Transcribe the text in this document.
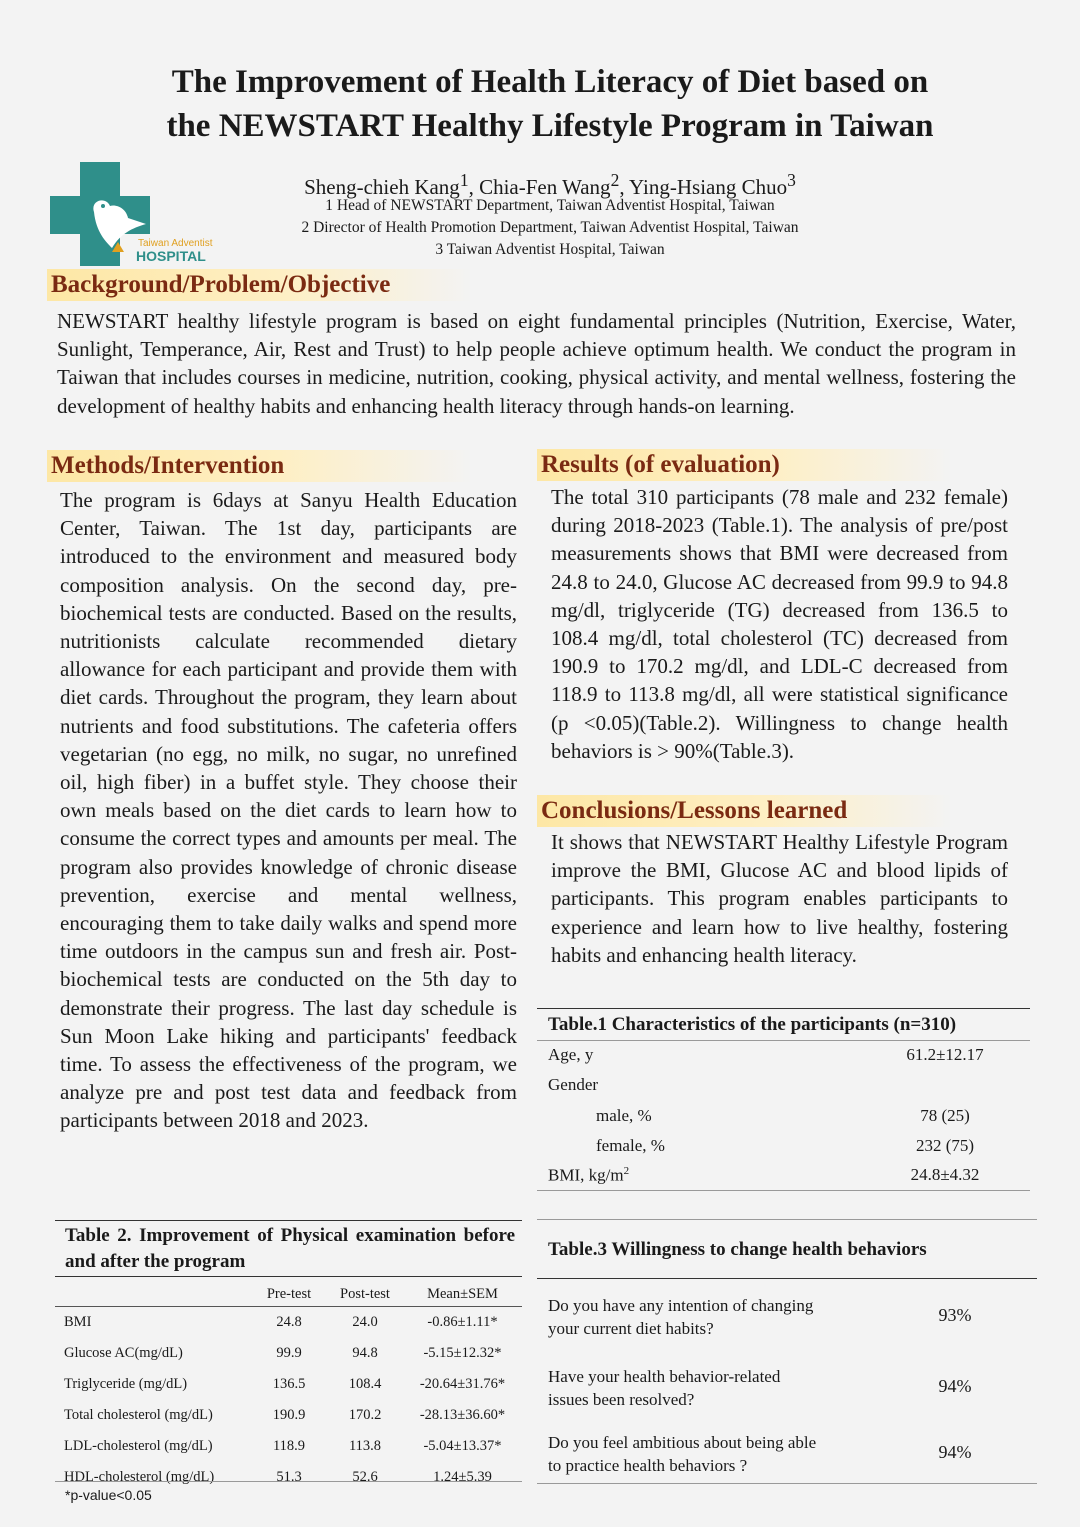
The Improvement of Health Literacy of Diet based on
the NEWSTART Healthy Lifestyle Program in Taiwan
Taiwan Adventist
HOSPITAL
Sheng-chieh Kang$^1$, Chia-Fen Wang$^2$, Ying-Hsiang Chuo$^3$
1 Head of NEWSTART Department, Taiwan Adventist Hospital, Taiwan
2 Director of Health Promotion Department, Taiwan Adventist Hospital, Taiwan
3 Taiwan Adventist Hospital, Taiwan
Background/Problem/Objective
NEWSTART healthy lifestyle program is based on eight fundamental principles (Nutrition, Exercise, Water, Sunlight, Temperance, Air, Rest and Trust) to help people achieve optimum health. We conduct the program in Taiwan that includes courses in medicine, nutrition, cooking, physical activity, and mental wellness, fostering the development of healthy habits and enhancing health literacy through hands-on learning.
Methods/Intervention
The program is 6days at Sanyu Health Education Center, Taiwan. The 1st day, participants are introduced to the environment and measured body composition analysis. On the second day, pre-biochemical tests are conducted. Based on the results, nutritionists calculate recommended dietary allowance for each participant and provide them with diet cards. Throughout the program, they learn about nutrients and food substitutions. The cafeteria offers vegetarian (no egg, no milk, no sugar, no unrefined oil, high fiber) in a buffet style. They choose their own meals based on the diet cards to learn how to consume the correct types and amounts per meal. The program also provides knowledge of chronic disease prevention, exercise and mental wellness, encouraging them to take daily walks and spend more time outdoors in the campus sun and fresh air. Post-biochemical tests are conducted on the 5th day to demonstrate their progress. The last day schedule is Sun Moon Lake hiking and participants' feedback time. To assess the effectiveness of the program, we analyze pre and post test data and feedback from participants between 2018 and 2023.
Results (of evaluation)
The total 310 participants (78 male and 232 female) during 2018-2023 (Table.1). The analysis of pre/post measurements shows that BMI were decreased from 24.8 to 24.0, Glucose AC decreased from 99.9 to 94.8 mg/dl, triglyceride (TG) decreased from 136.5 to 108.4 mg/dl, total cholesterol (TC) decreased from 190.9 to 170.2 mg/dl, and LDL-C decreased from 118.9 to 113.8 mg/dl, all were statistical significance (p <0.05)(Table.2). Willingness to change health behaviors is > 90%(Table.3).
Conclusions/Lessons learned
It shows that NEWSTART Healthy Lifestyle Program improve the BMI, Glucose AC and blood lipids of participants. This program enables participants to experience and learn how to live healthy, fostering habits and enhancing health literacy.
Table.1 Characteristics of the participants (n=310)
Age, y	61.2±12.17
Gender
male, %	78 (25)
female, %	232 (75)
BMI, $kg/m^2$	24.8±4.32
Table 2. Improvement of Physical examination before and after the program
	Pre-test	Post-test	Mean±SEM
BMI	24.8	24.0	-0.86±1.11*
Glucose AC(mg/dL)	99.9	94.8	-5.15±12.32*
Triglyceride (mg/dL)	136.5	108.4	-20.64±31.76*
Total cholesterol (mg/dL)	190.9	170.2	-28.13±36.60*
LDL-cholesterol (mg/dL)	118.9	113.8	-5.04±13.37*
HDL-cholesterol (mg/dL)	51.3	52.6	1.24±5.39
*p-value<0.05
Table.3 Willingness to change health behaviors
Do you have any intention of changing
your current diet habits?
93%
Have your health behavior-related
issues been resolved?
94%
Do you feel ambitious about being able
to practice health behaviors ?
94%
